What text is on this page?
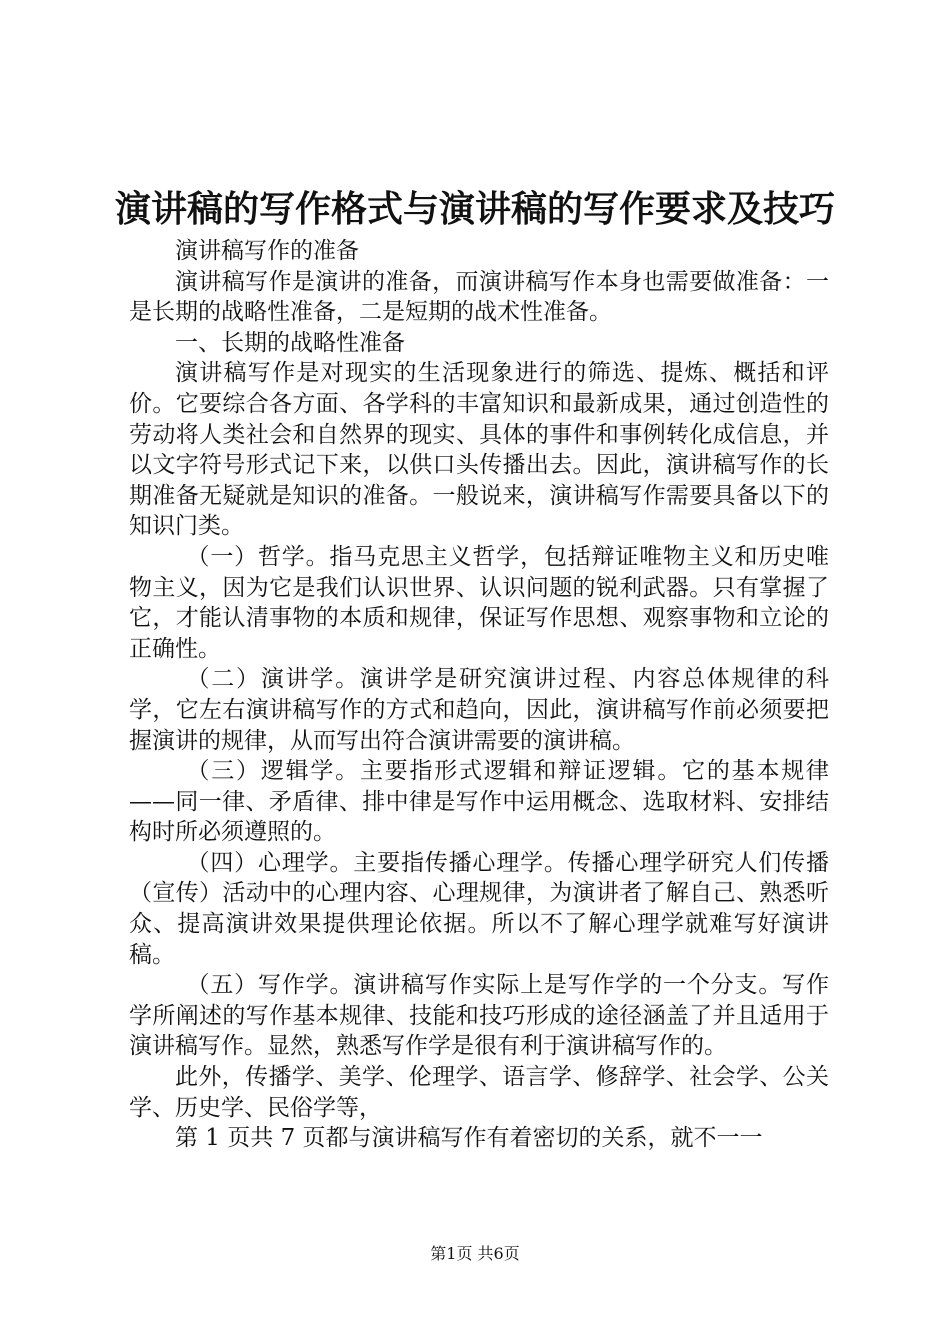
演讲稿的写作格式与演讲稿的写作要求及技巧

演讲稿写作的准备

演讲稿写作是演讲的准备，而演讲稿写作本身也需要做准备：一是长期的战略性准备，二是短期的战术性准备。

一、长期的战略性准备

演讲稿写作是对现实的生活现象进行的筛选、提炼、概括和评价。它要综合各方面、各学科的丰富知识和最新成果，通过创造性的劳动将人类社会和自然界的现实、具体的事件和事例转化成信息，并以文字符号形式记下来，以供口头传播出去。因此，演讲稿写作的长期准备无疑就是知识的准备。一般说来，演讲稿写作需要具备以下的知识门类。

（一）哲学。指马克思主义哲学，包括辩证唯物主义和历史唯物主义，因为它是我们认识世界、认识问题的锐利武器。只有掌握了它，才能认清事物的本质和规律，保证写作思想、观察事物和立论的正确性。

（二）演讲学。演讲学是研究演讲过程、内容总体规律的科学，它左右演讲稿写作的方式和趋向，因此，演讲稿写作前必须要把握演讲的规律，从而写出符合演讲需要的演讲稿。

（三）逻辑学。主要指形式逻辑和辩证逻辑。它的基本规律——同一律、矛盾律、排中律是写作中运用概念、选取材料、安排结构时所必须遵照的。

（四）心理学。主要指传播心理学。传播心理学研究人们传播（宣传）活动中的心理内容、心理规律，为演讲者了解自己、熟悉听众、提高演讲效果提供理论依据。所以不了解心理学就难写好演讲稿。

（五）写作学。演讲稿写作实际上是写作学的一个分支。写作学所阐述的写作基本规律、技能和技巧形成的途径涵盖了并且适用于演讲稿写作。显然，熟悉写作学是很有利于演讲稿写作的。

此外，传播学、美学、伦理学、语言学、修辞学、社会学、公关学、历史学、民俗学等，

第 1 页共 7 页都与演讲稿写作有着密切的关系，就不一一

第1页 共6页
